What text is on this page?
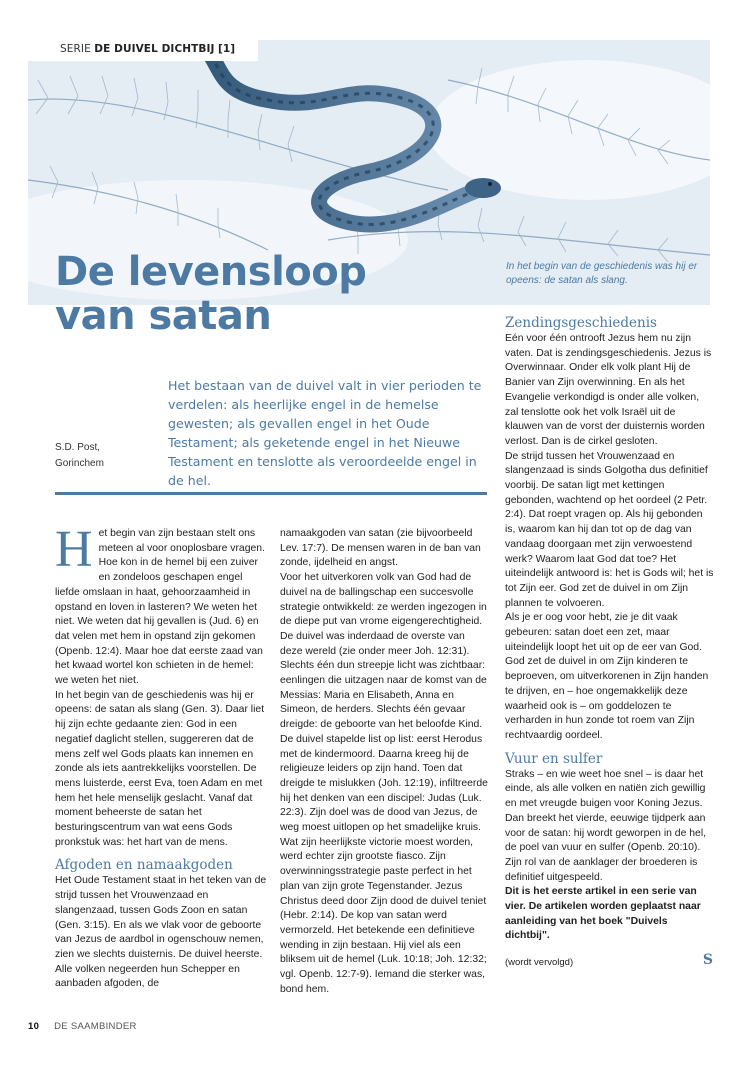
SERIE DE DUIVEL DICHTBIJ [1]
De levensloop
van satan
In het begin van de geschiedenis was hij er opeens: de satan als slang.
S.D. Post,
Gorinchem
Het bestaan van de duivel valt in vier perioden te verdelen: als heerlijke engel in de hemelse gewesten; als gevallen engel in het Oude Testament; als geketende engel in het Nieuwe Testament en tenslotte als veroordeelde engel in de hel.
H et begin van zijn bestaan stelt ons meteen al voor onoplosbare vragen. Hoe kon in de hemel bij een zuiver en zondeloos geschapen engel liefde omslaan in haat, gehoorzaamheid in opstand en loven in lasteren? We weten het niet. We weten dat hij gevallen is (Jud. 6) en dat velen met hem in opstand zijn gekomen (Openb. 12:4). Maar hoe dat eerste zaad van het kwaad wortel kon schieten in de hemel: we weten het niet.

In het begin van de geschiedenis was hij er opeens: de satan als slang (Gen. 3). Daar liet hij zijn echte gedaante zien: God in een negatief daglicht stellen, suggereren dat de mens zelf wel Gods plaats kan innemen en zonde als iets aantrekkelijks voorstellen. De mens luisterde, eerst Eva, toen Adam en met hem het hele menselijk geslacht. Vanaf dat moment beheerste de satan het besturingscentrum van wat eens Gods pronkstuk was: het hart van de mens.

Afgoden en namaakgoden

Het Oude Testament staat in het teken van de strijd tussen het Vrouwenzaad en slangenzaad, tussen Gods Zoon en satan (Gen. 3:15). En als we vlak voor de geboorte van Jezus de aardbol in ogenschouw nemen, zien we slechts duisternis. De duivel heerste. Alle volken negeerden hun Schepper en aanbaden afgoden, de

namaakgoden van satan (zie bijvoorbeeld Lev. 17:7). De mensen waren in de ban van zonde, ijdelheid en angst.

Voor het uitverkoren volk van God had de duivel na de ballingschap een succesvolle strategie ontwikkeld: ze werden ingezogen in de diepe put van vrome eigengerechtigheid. De duivel was inderdaad de overste van deze wereld (zie onder meer Joh. 12:31). Slechts één dun streepje licht was zichtbaar: eenlingen die uitzagen naar de komst van de Messias: Maria en Elisabeth, Anna en Simeon, de herders. Slechts één gevaar dreigde: de geboorte van het beloofde Kind. De duivel stapelde list op list: eerst Herodus met de kindermoord. Daarna kreeg hij de religieuze leiders op zijn hand. Toen dat dreigde te mislukken (Joh. 12:19), infiltreerde hij het denken van een discipel: Judas (Luk. 22:3). Zijn doel was de dood van Jezus, de weg moest uitlopen op het smadelijke kruis. Wat zijn heerlijkste victorie moest worden, werd echter zijn grootste fiasco. Zijn overwinningsstrategie paste perfect in het plan van zijn grote Tegenstander. Jezus Christus deed door Zijn dood de duivel teniet (Hebr. 2:14). De kop van satan werd vermorzeld. Het betekende een definitieve wending in zijn bestaan. Hij viel als een bliksem uit de hemel (Luk. 10:18; Joh. 12:32; vgl. Openb. 12:7-9). Iemand die sterker was, bond hem.

Zendingsgeschiedenis

Eén voor één ontrooft Jezus hem nu zijn vaten. Dat is zendingsgeschiedenis. Jezus is Overwinnaar. Onder elk volk plant Hij de Banier van Zijn overwinning. En als het Evangelie verkondigd is onder alle volken, zal tenslotte ook het volk Israël uit de klauwen van de vorst der duisternis worden verlost. Dan is de cirkel gesloten.

De strijd tussen het Vrouwenzaad en slangenzaad is sinds Golgotha dus definitief voorbij. De satan ligt met kettingen gebonden, wachtend op het oordeel (2 Petr. 2:4). Dat roept vragen op. Als hij gebonden is, waarom kan hij dan tot op de dag van vandaag doorgaan met zijn verwoestend werk? Waarom laat God dat toe? Het uiteindelijk antwoord is: het is Gods wil; het is tot Zijn eer. God zet de duivel in om Zijn plannen te volvoeren.

Als je er oog voor hebt, zie je dit vaak gebeuren: satan doet een zet, maar uiteindelijk loopt het uit op de eer van God. God zet de duivel in om Zijn kinderen te beproeven, om uitverkorenen in Zijn handen te drijven, en – hoe ongemakkelijk deze waarheid ook is – om goddelozen te verharden in hun zonde tot roem van Zijn rechtvaardig oordeel.

Vuur en sulfer

Straks – en wie weet hoe snel – is daar het einde, als alle volken en natiën zich gewillig en met vreugde buigen voor Koning Jezus. Dan breekt het vierde, eeuwige tijdperk aan voor de satan: hij wordt geworpen in de hel, de poel van vuur en sulfer (Openb. 20:10). Zijn rol van de aanklager der broederen is definitief uitgespeeld.

Dit is het eerste artikel in een serie van vier. De artikelen worden geplaatst naar aanleiding van het boek "Duivels dichtbij".

(wordt vervolgd)	S
10 DE SAAMBINDER
